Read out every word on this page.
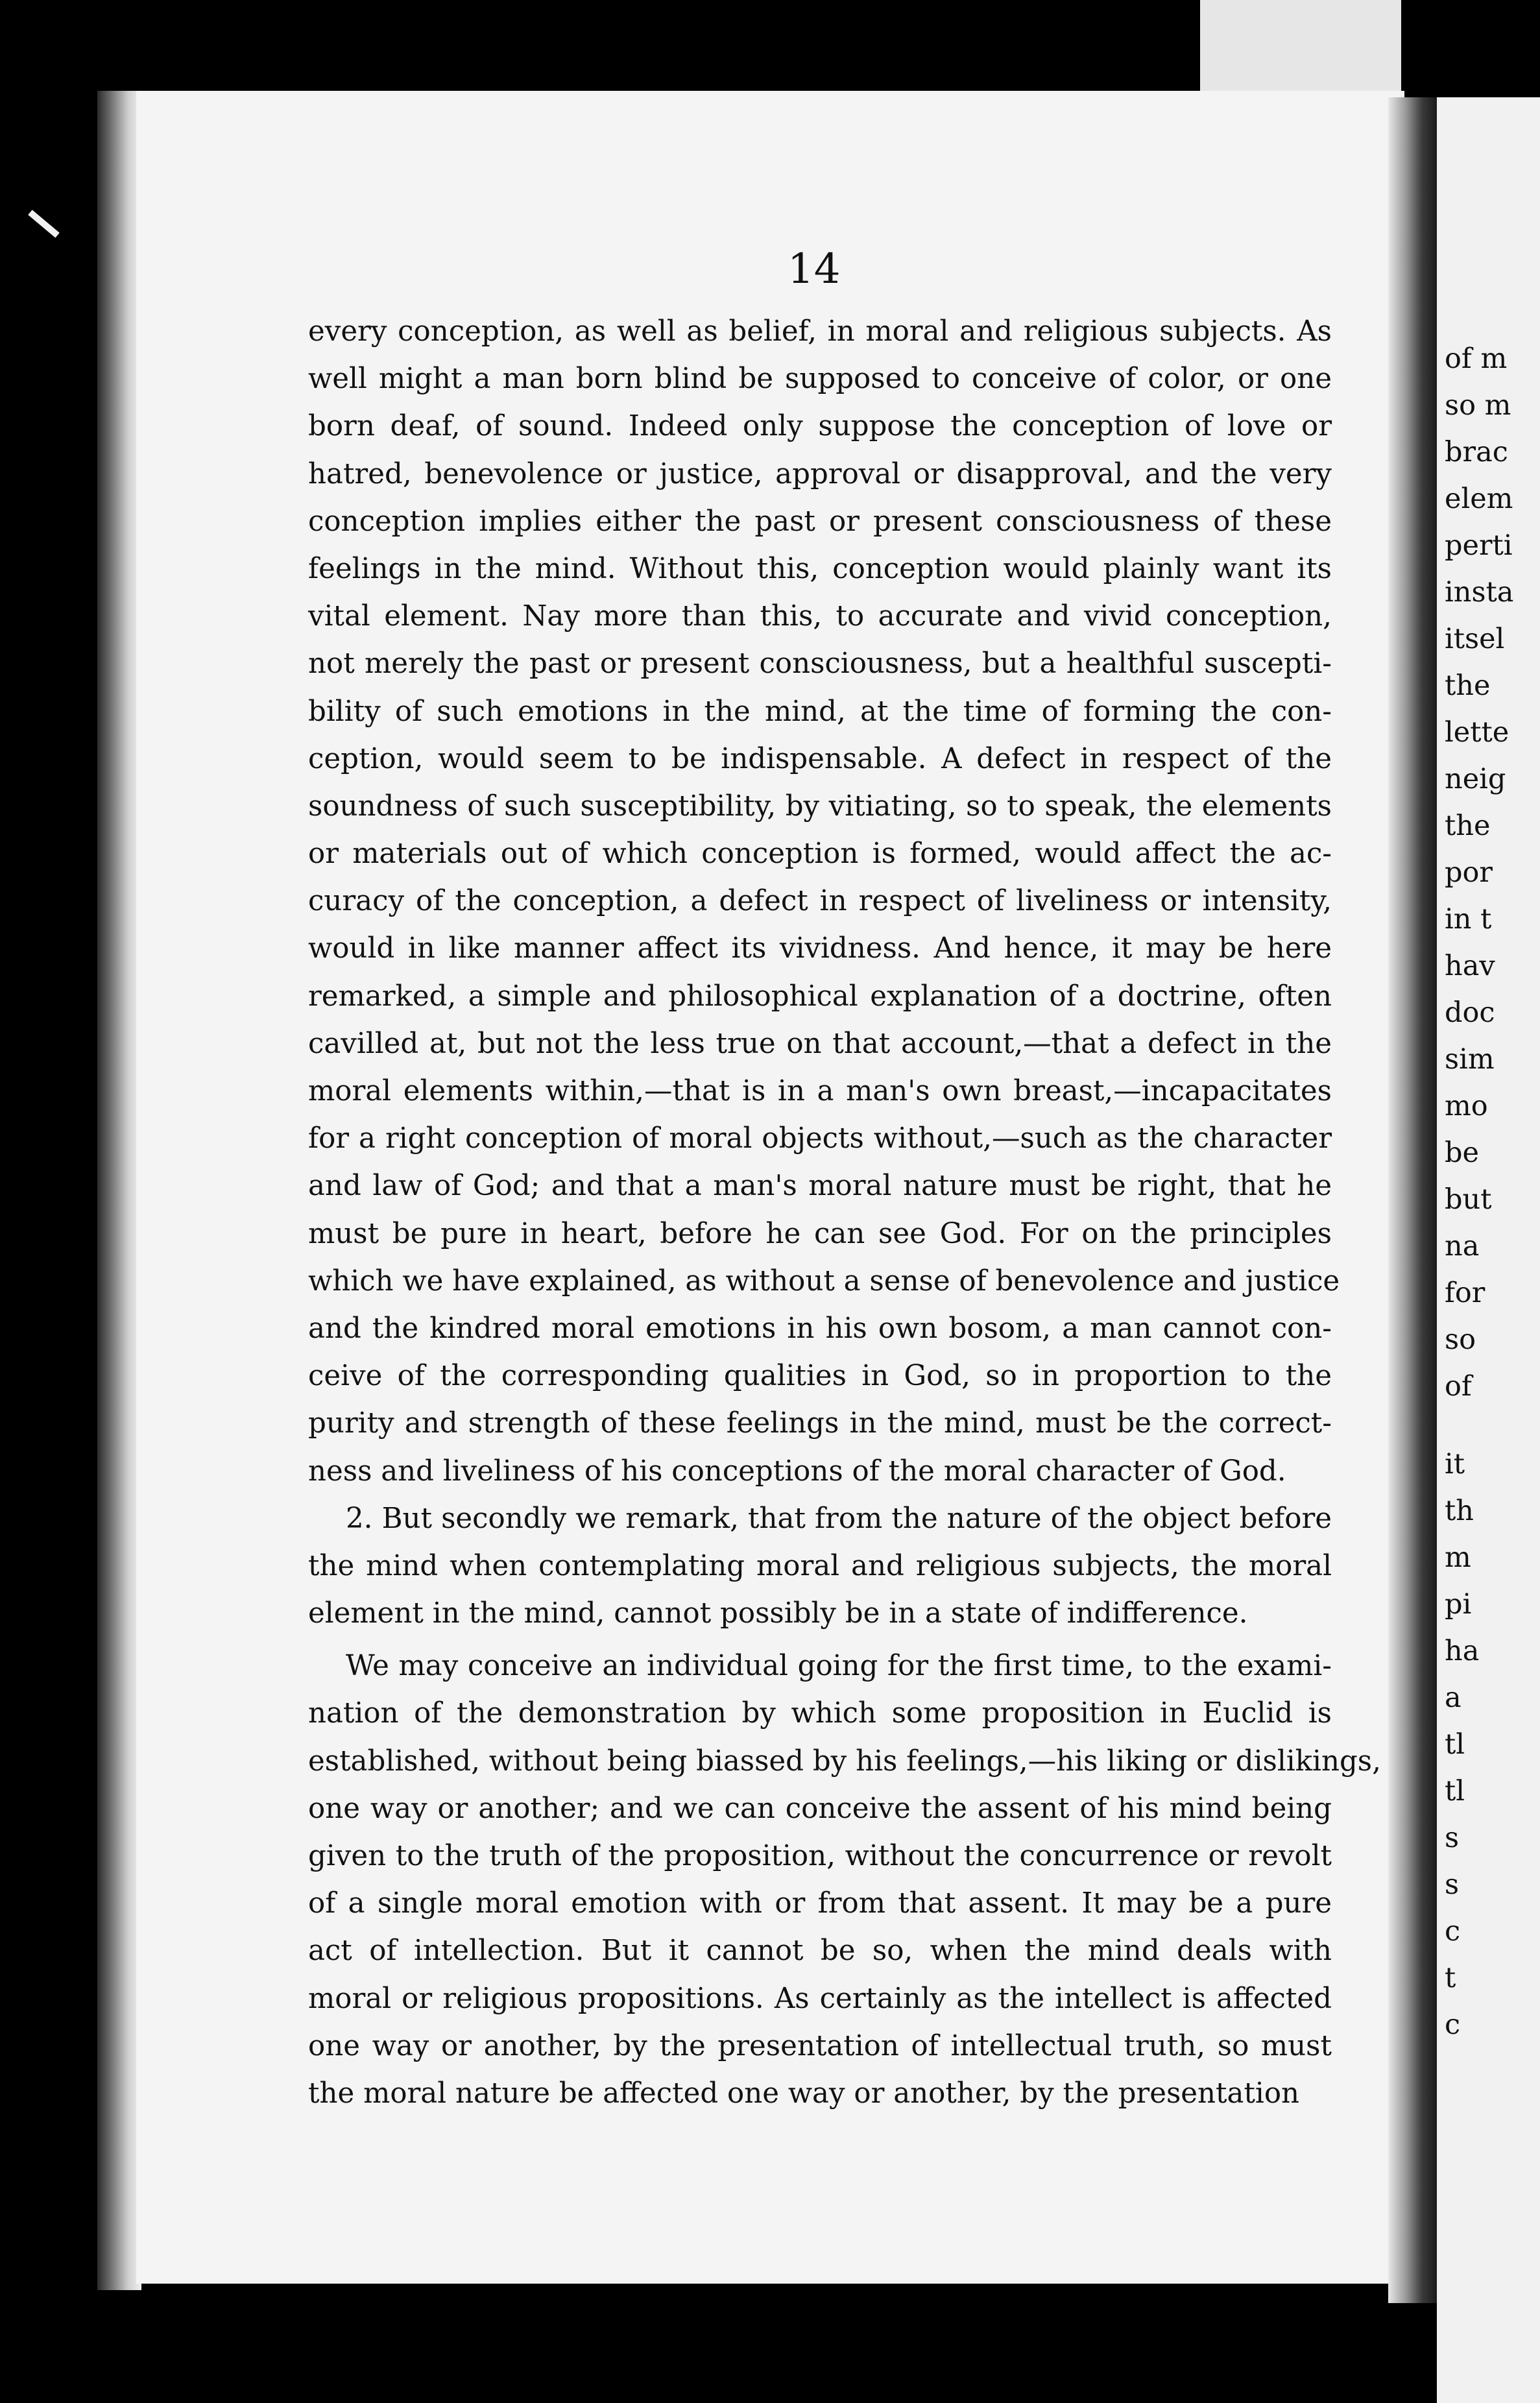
of m
so m
brac
elem
perti
insta
itsel
the
lette
neig
the
por
in t
hav
doc
sim
mo
be
but
na
for
so
of
it
th
m
pi
ha
a
tl
tl
s
s
c
t
c
14
every conception, as well as belief, in moral and religious subjects. As
well might a man born blind be supposed to conceive of color, or one
born deaf, of sound. Indeed only suppose the conception of love or
hatred, benevolence or justice, approval or disapproval, and the very
conception implies either the past or present consciousness of these
feelings in the mind. Without this, conception would plainly want its
vital element. Nay more than this, to accurate and vivid conception,
not merely the past or present consciousness, but a healthful suscepti-
bility of such emotions in the mind, at the time of forming the con-
ception, would seem to be indispensable. A defect in respect of the
soundness of such susceptibility, by vitiating, so to speak, the elements
or materials out of which conception is formed, would affect the ac-
curacy of the conception, a defect in respect of liveliness or intensity,
would in like manner affect its vividness. And hence, it may be here
remarked, a simple and philosophical explanation of a doctrine, often
cavilled at, but not the less true on that account,—that a defect in the
moral elements within,—that is in a man's own breast,—incapacitates
for a right conception of moral objects without,—such as the character
and law of God; and that a man's moral nature must be right, that he
must be pure in heart, before he can see God. For on the principles
which we have explained, as without a sense of benevolence and justice
and the kindred moral emotions in his own bosom, a man cannot con-
ceive of the corresponding qualities in God, so in proportion to the
purity and strength of these feelings in the mind, must be the correct-
ness and liveliness of his conceptions of the moral character of God.
2. But secondly we remark, that from the nature of the object before
the mind when contemplating moral and religious subjects, the moral
element in the mind, cannot possibly be in a state of indifference.
We may conceive an individual going for the first time, to the exami-
nation of the demonstration by which some proposition in Euclid is
established, without being biassed by his feelings,—his liking or dislikings,
one way or another; and we can conceive the assent of his mind being
given to the truth of the proposition, without the concurrence or revolt
of a single moral emotion with or from that assent. It may be a pure
act of intellection. But it cannot be so, when the mind deals with
moral or religious propositions. As certainly as the intellect is affected
one way or another, by the presentation of intellectual truth, so must
the moral nature be affected one way or another, by the presentation
